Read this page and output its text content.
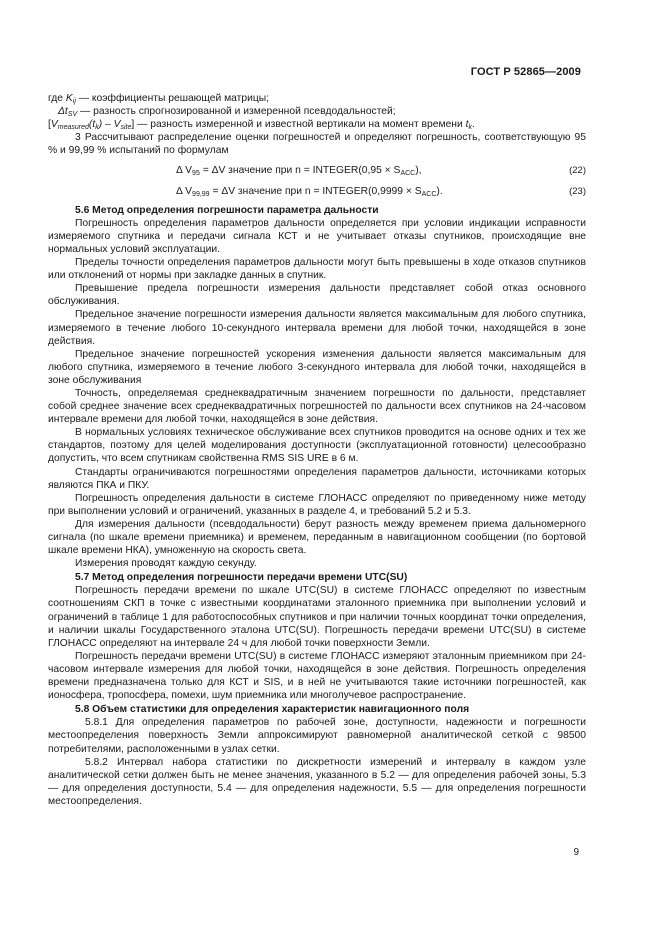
ГОСТ Р 52865—2009

где $K_{ij}$ — коэффициенты решающей матрицы;

$\Delta t_{SV}$ — разность спрогнозированной и измеренной псевдодальностей;

$[V_{measured}(t_k) - V_{site}]$ — разность измеренной и известной вертикали на момент времени $t_k$.

3 Рассчитывают распределение оценки погрешностей и определяют погрешность, соответствующую 95 % и 99,99 % испытаний по формулам

Δ $V_{95} = \Delta V$ значение при n = INTEGER(0,95 × $S_{ACC}$),	(22)
Δ $V_{99,99} = \Delta V$ значение при n = INTEGER(0,9999 × $S_{ACC}$).	(23)

5.6 Метод определения погрешности параметра дальности

Погрешность определения параметров дальности определяется при условии индикации исправности измеряемого спутника и передачи сигнала КСТ и не учитывает отказы спутников, происходящие вне нормальных условий эксплуатации.

Пределы точности определения параметров дальности могут быть превышены в ходе отказов спутников или отклонений от нормы при закладке данных в спутник.

Превышение предела погрешности измерения дальности представляет собой отказ основного обслуживания.

Предельное значение погрешности измерения дальности является максимальным для любого спутника, измеряемого в течение любого 10-секундного интервала времени для любой точки, находящейся в зоне действия.

Предельное значение погрешностей ускорения изменения дальности является максимальным для любого спутника, измеряемого в течение любого 3-секундного интервала для любой точки, находящейся в зоне обслуживания

Точность, определяемая среднеквадратичным значением погрешности по дальности, представляет собой среднее значение всех среднеквадратичных погрешностей по дальности всех спутников на 24-часовом интервале времени для любой точки, находящейся в зоне действия.

В нормальных условиях техническое обслуживание всех спутников проводится на основе одних и тех же стандартов, поэтому для целей моделирования доступности (эксплуатационной готовности) целесообразно допустить, что всем спутникам свойственна RMS SIS URE в 6 м.

Стандарты ограничиваются погрешностями определения параметров дальности, источниками которых являются ПКА и ПКУ.

Погрешность определения дальности в системе ГЛОНАСС определяют по приведенному ниже методу при выполнении условий и ограничений, указанных в разделе 4, и требований 5.2 и 5.3.

Для измерения дальности (псевдодальности) берут разность между временем приема дальномерного сигнала (по шкале времени приемника) и временем, переданным в навигационном сообщении (по бортовой шкале времени НКА), умноженную на скорость света.

Измерения проводят каждую секунду.

5.7 Метод определения погрешности передачи времени UTC(SU)

Погрешность передачи времени по шкале UTC(SU) в системе ГЛОНАСС определяют по известным соотношениям СКП в точке с известными координатами эталонного приемника при выполнении условий и ограничений в таблице 1 для работоспособных спутников и при наличии точных координат точки определения, и наличии шкалы Государственного эталона UTC(SU). Погрешность передачи времени UTC(SU) в системе ГЛОНАСС определяют на интервале 24 ч для любой точки поверхности Земли.

Погрешность передачи времени UTC(SU) в системе ГЛОНАСС измеряют эталонным приемником при 24-часовом интервале измерения для любой точки, находящейся в зоне действия. Погрешность определения времени предназначена только для КСТ и SIS, и в ней не учитываются такие источники погрешностей, как ионосфера, тропосфера, помехи, шум приемника или многолучевое распространение.

5.8 Объем статистики для определения характеристик навигационного поля

5.8.1 Для определения параметров по рабочей зоне, доступности, надежности и погрешности местоопределения поверхность Земли аппроксимируют равномерной аналитической сеткой с 98500 потребителями, расположенными в узлах сетки.

5.8.2 Интервал набора статистики по дискретности измерений и интервалу в каждом узле аналитической сетки должен быть не менее значения, указанного в 5.2 — для определения рабочей зоны, 5.3 — для определения доступности, 5.4 — для определения надежности, 5.5 — для определения погрешности местоопределения.

9
